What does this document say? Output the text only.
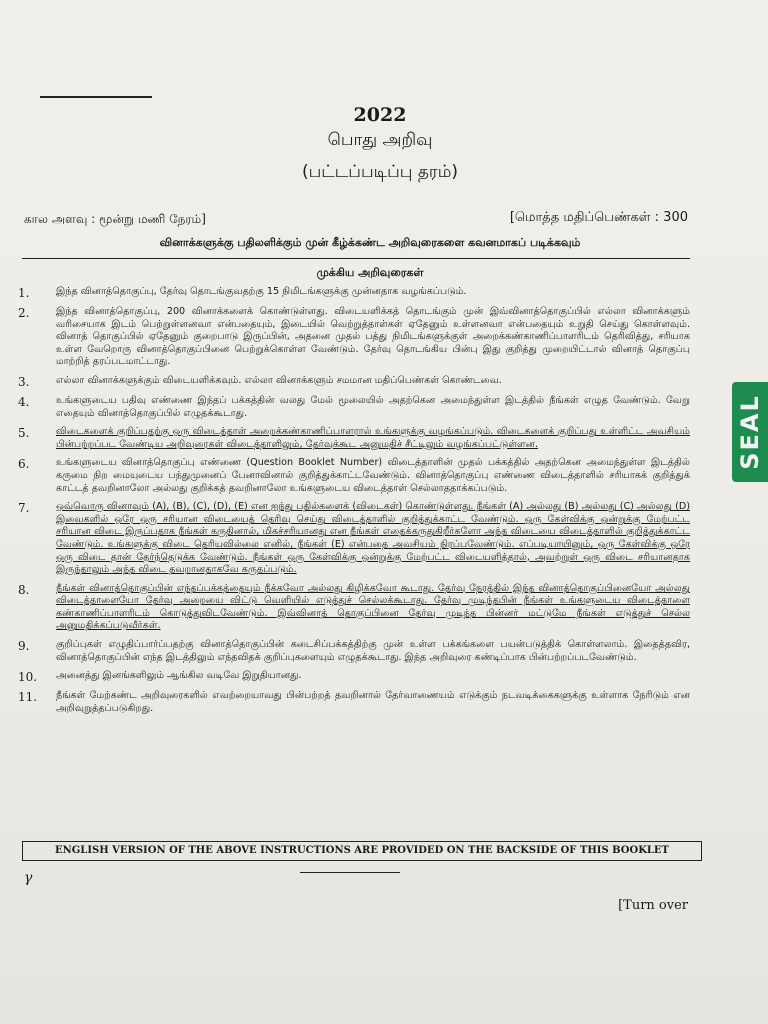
2022
பொது அறிவு
(பட்டப்படிப்பு தரம்)
கால அளவு : மூன்று மணி நேரம்]	[மொத்த மதிப்பெண்கள் : 300
வினாக்களுக்கு பதிலளிக்கும் முன் கீழ்க்கண்ட அறிவுரைகளை கவனமாகப் படிக்கவும்
முக்கிய அறிவுரைகள்
1.	இந்த வினாத்தொகுப்பு, தேர்வு தொடங்குவதற்கு 15 நிமிடங்களுக்கு முன்னதாக வழங்கப்படும்.
2.	இந்த வினாத்தொகுப்பு, 200 வினாக்களைக் கொண்டுள்ளது. விடையளிக்கத் தொடங்கும் முன் இவ்வினாத்தொகுப்பில் எல்லா வினாக்களும் வரிசையாக இடம் பெற்றுள்ளனவா என்பதையும், இடையில் வெற்றுத்தாள்கள் ஏதேனும் உள்ளனவா என்பதையும் உறுதி செய்து கொள்ளவும். வினாத் தொகுப்பில் ஏதேனும் குறைபாடு இருப்பின், அதனை முதல் பத்து நிமிடங்களுக்குள் அறைக்கண்காணிப்பாளரிடம் தெரிவித்து, சரியாக உள்ள வேறொரு வினாத்தொகுப்பினை பெற்றுக்கொள்ள வேண்டும். தேர்வு தொடங்கிய பின்பு இது குறித்து முறையிட்டால் வினாத் தொகுப்பு மாற்றித் தரப்படமாட்டாது.
3.	எல்லா வினாக்களுக்கும் விடையளிக்கவும். எல்லா வினாக்களும் சமமான மதிப்பெண்கள் கொண்டவை.
4.	உங்களுடைய பதிவு எண்ணை இந்தப் பக்கத்தின் வலது மேல் மூலையில் அதற்கென அமைந்துள்ள இடத்தில் நீங்கள் எழுத வேண்டும். வேறு எதையும் வினாத்தொகுப்பில் எழுதக்கூடாது.
5.	விடைகளைக் குறிப்பதற்கு ஒரு விடைத்தாள் அறைக்கண்காணிப்பாளரால் உங்களுக்கு வழங்கப்படும். விடைகளைக் குறிப்பது உள்ளிட்ட அவசியம் பின்பற்றப்பட வேண்டிய அறிவுரைகள் விடைத்தாளிலும், தேர்வுக்கூட அனுமதிச் சீட்டிலும் வழங்கப்பட்டுள்ளன.
6.	உங்களுடைய வினாத்தொகுப்பு எண்ணை (Question Booklet Number) விடைத்தாளின் முதல் பக்கத்தில் அதற்கென அமைந்துள்ள இடத்தில் கருமை நிற மையுடைய பந்துமுனைப் பேனாவினால் குறித்துக்காட்டவேண்டும். வினாத்தொகுப்பு எண்ணை விடைத்தாளில் சரியாகக் குறித்துக் காட்டத் தவறினாலோ அல்லது குறிக்கத் தவறினாலோ உங்களுடைய விடைத்தாள் செல்லாததாக்கப்படும்.
7.	ஒவ்வொரு வினாவும் (A), (B), (C), (D), (E) என ஐந்து பதில்களைக் (விடைகள்) கொண்டுள்ளது. நீங்கள் (A) அல்லது (B) அல்லது (C) அல்லது (D) இவைகளில் ஒரே ஒரு சரியான விடையைத் தெரிவு செய்து விடைத்தாளில் குறித்துக்காட்ட வேண்டும். ஒரு கேள்விக்கு ஒன்றுக்கு மேற்பட்ட சரியான விடை இருப்பதாக நீங்கள் கருதினால், மிகச்சரியானது என நீங்கள் எதைக்கருதுகிறீர்களோ அந்த விடையை விடைத்தாளில் குறித்துக்காட்ட வேண்டும். உங்களுக்கு விடை தெரியவில்லை எனில், நீங்கள் (E) என்பதை அவசியம் நிரப்பவேண்டும். எப்படியாயினும், ஒரு கேள்விக்கு ஒரே ஒரு விடை தான் தேர்ந்தெடுக்க வேண்டும். நீங்கள் ஒரு கேள்விக்கு ஒன்றுக்கு மேற்பட்ட விடையளித்தால், அவற்றுள் ஒரு விடை சரியானதாக இருந்தாலும் அந்த விடை தவறானதாகவே கருதப்படும்.
8.	நீங்கள் வினாத்தொகுப்பின் எந்தப்பக்கத்தையும் நீக்கவோ அல்லது கிழிக்கவோ கூடாது. தேர்வு நேரத்தில் இந்த வினாத்தொகுப்பினையோ அல்லது விடைத்தாளையோ தேர்வு அறையை விட்டு வெளியில் எடுத்துச் செல்லக்கூடாது. தேர்வு முடிந்தபின் நீங்கள் உங்களுடைய விடைத்தாளை கண்காணிப்பாளரிடம் கொடுத்துவிடவேண்டும். இவ்வினாத் தொகுப்பினை தேர்வு முடிந்த பின்னர் மட்டுமே நீங்கள் எடுத்துச் செல்ல அனுமதிக்கப்படுவீர்கள்.
9.	குறிப்புகள் எழுதிப்பார்ப்பதற்கு வினாத்தொகுப்பின் கடைசிப்பக்கத்திற்கு முன் உள்ள பக்கங்களை பயன்படுத்திக் கொள்ளலாம். இதைத்தவிர, வினாத்தொகுப்பின் எந்த இடத்திலும் எந்தவிதக் குறிப்புகளையும் எழுதக்கூடாது. இந்த அறிவுரை கண்டிப்பாக பின்பற்றப்படவேண்டும்.
10.	அனைத்து இனங்களிலும் ஆங்கில வடிவே இறுதியானது.
11.	நீங்கள் மேற்கண்ட அறிவுரைகளில் எவற்றையாவது பின்பற்றத் தவறினால் தேர்வாணையம் எடுக்கும் நடவடிக்கைகளுக்கு உள்ளாக நேரிடும் என அறிவுறுத்தப்படுகிறது.
ENGLISH VERSION OF THE ABOVE INSTRUCTIONS ARE PROVIDED ON THE BACKSIDE OF THIS BOOKLET
γ
[Turn over
SEAL
